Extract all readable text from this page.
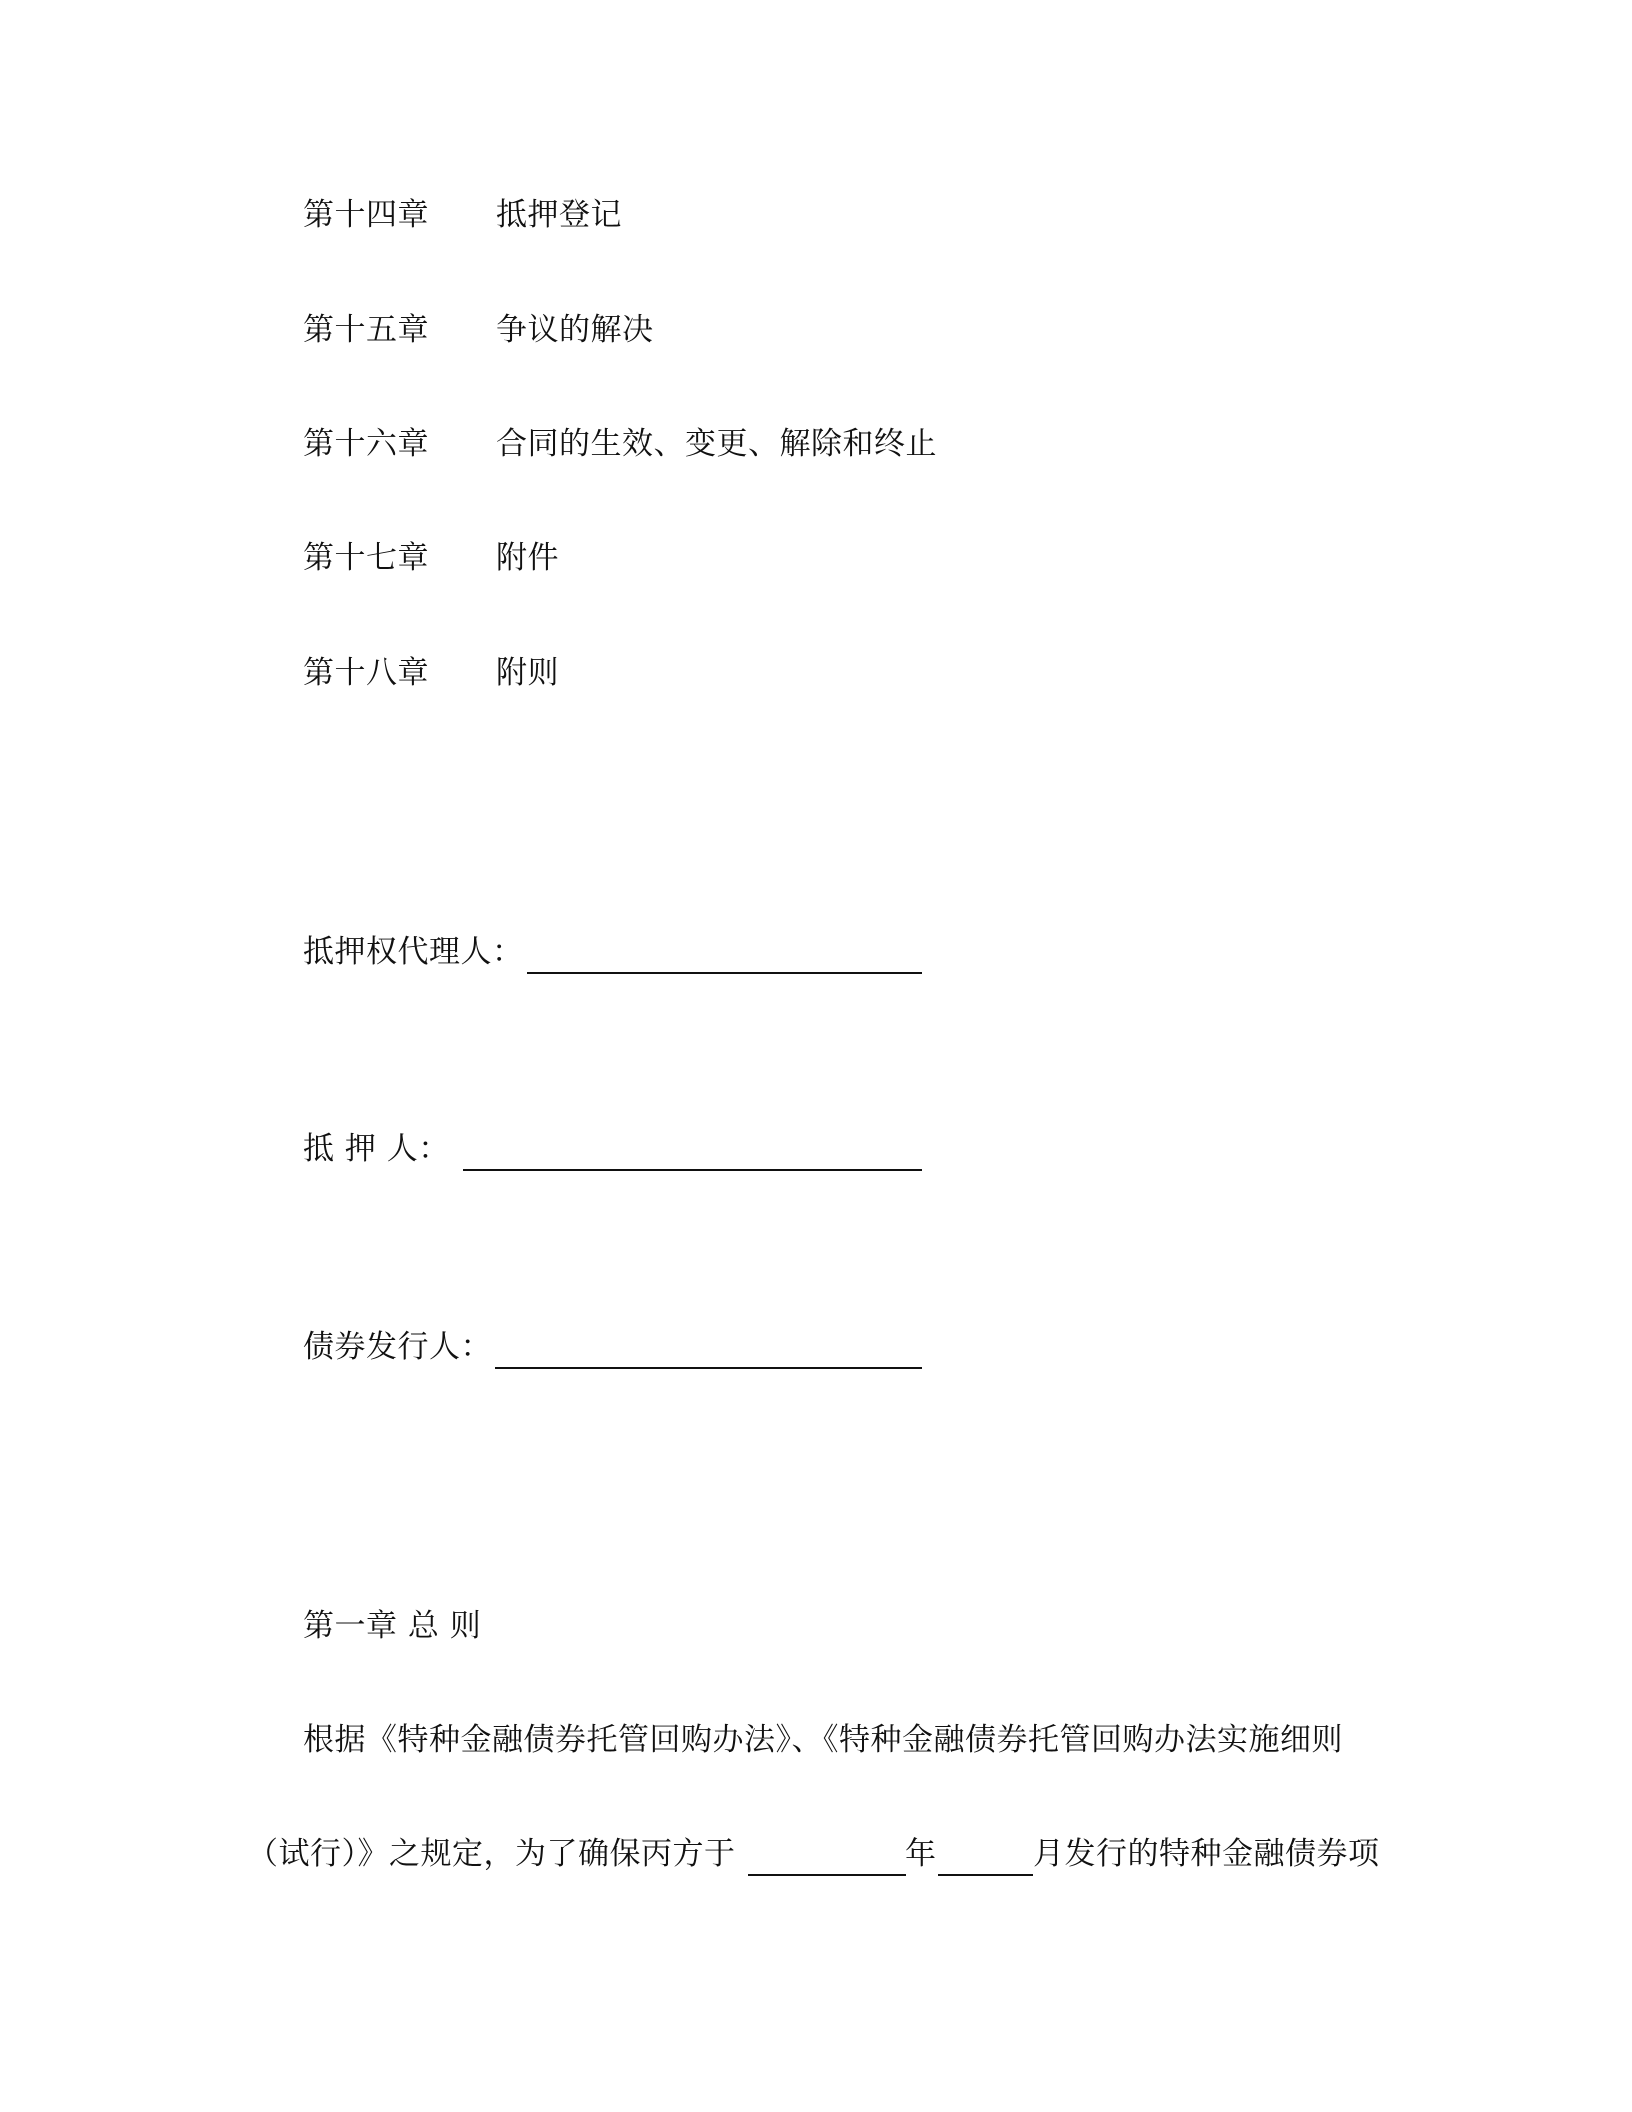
第十四章 抵押登记
第十五章 争议的解决
第十六章 合同的生效、变更、解除和终止
第十七章 附件
第十八章 附则
抵押权代理人：
抵 押 人：
债券发行人：
第一章 总 则
根据《特种金融债券托管回购办法》、《特种金融债券托管回购办法实施细则
（试行）》之规定，为了确保丙方于	年	月发行的特种金融债券项
